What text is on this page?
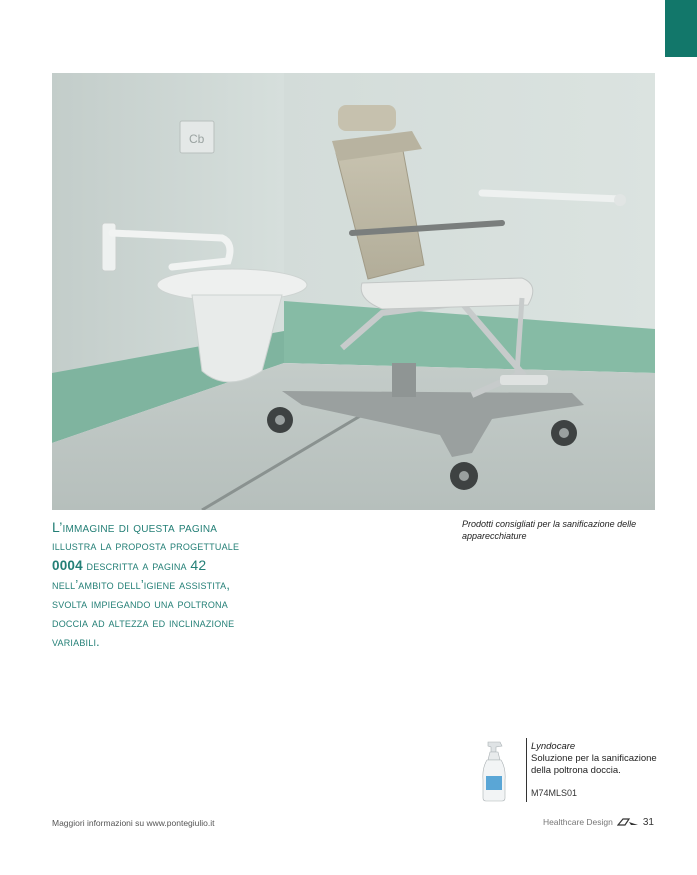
Cb
L’immagine di questa pagina
illustra la proposta progettuale
0004 descritta a pagina 42
nell’ambito dell’igiene assistita,
svolta impiegando una poltrona
doccia ad altezza ed inclinazione
variabili.
Prodotti consigliati per la sanificazione delle apparecchiature
Lyndocare
Soluzione per la sanificazione della poltrona doccia.
M74MLS01
Maggiori informazioni su www.pontegiulio.it	Healthcare Design	31
